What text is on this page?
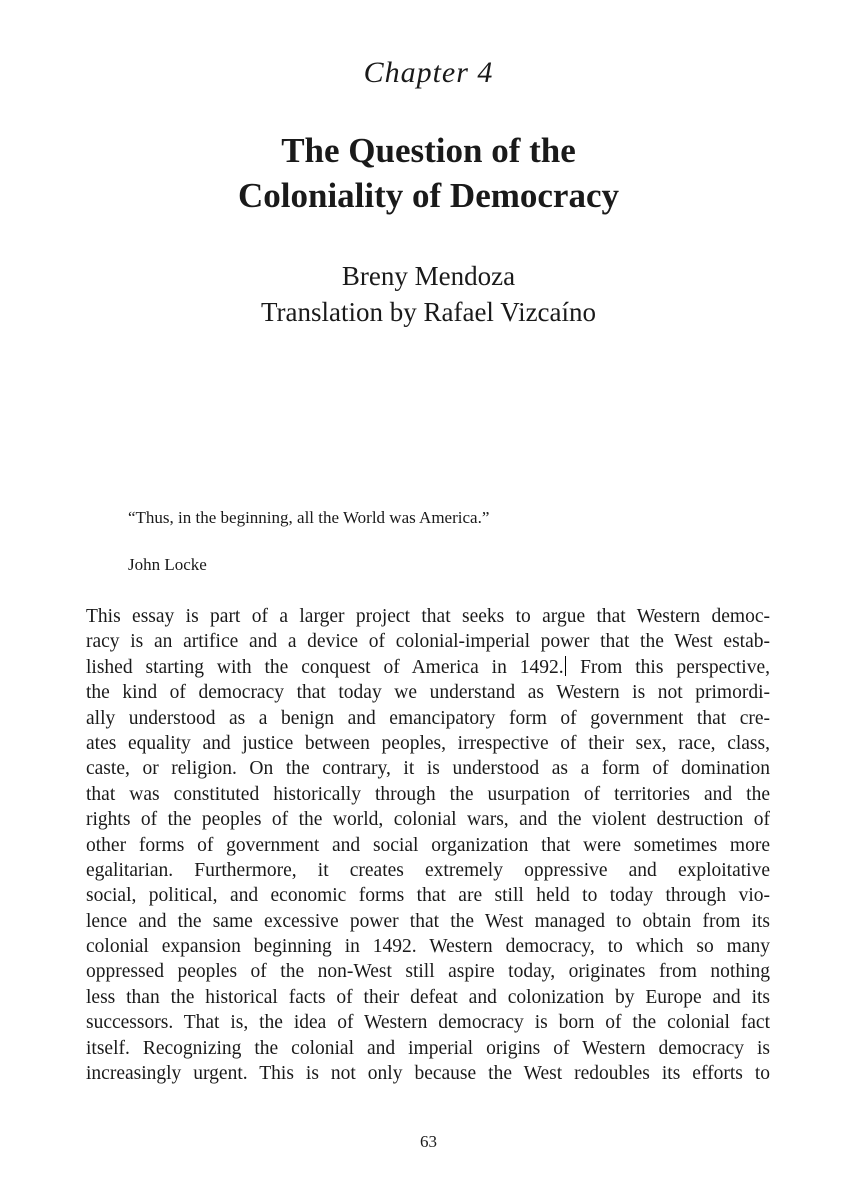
Chapter 4
The Question of the
Coloniality of Democracy
Breny Mendoza
Translation by Rafael Vizcaíno
“Thus, in the beginning, all the World was America.”
John Locke
This essay is part of a larger project that seeks to argue that Western democ-
racy is an artifice and a device of colonial-imperial power that the West estab-
lished starting with the conquest of America in 1492. From this perspective,
the kind of democracy that today we understand as Western is not primordi-
ally understood as a benign and emancipatory form of government that cre-
ates equality and justice between peoples, irrespective of their sex, race, class,
caste, or religion. On the contrary, it is understood as a form of domination
that was constituted historically through the usurpation of territories and the
rights of the peoples of the world, colonial wars, and the violent destruction of
other forms of government and social organization that were sometimes more
egalitarian. Furthermore, it creates extremely oppressive and exploitative
social, political, and economic forms that are still held to today through vio-
lence and the same excessive power that the West managed to obtain from its
colonial expansion beginning in 1492. Western democracy, to which so many
oppressed peoples of the non-West still aspire today, originates from nothing
less than the historical facts of their defeat and colonization by Europe and its
successors. That is, the idea of Western democracy is born of the colonial fact
itself. Recognizing the colonial and imperial origins of Western democracy is
increasingly urgent. This is not only because the West redoubles its efforts to
63
